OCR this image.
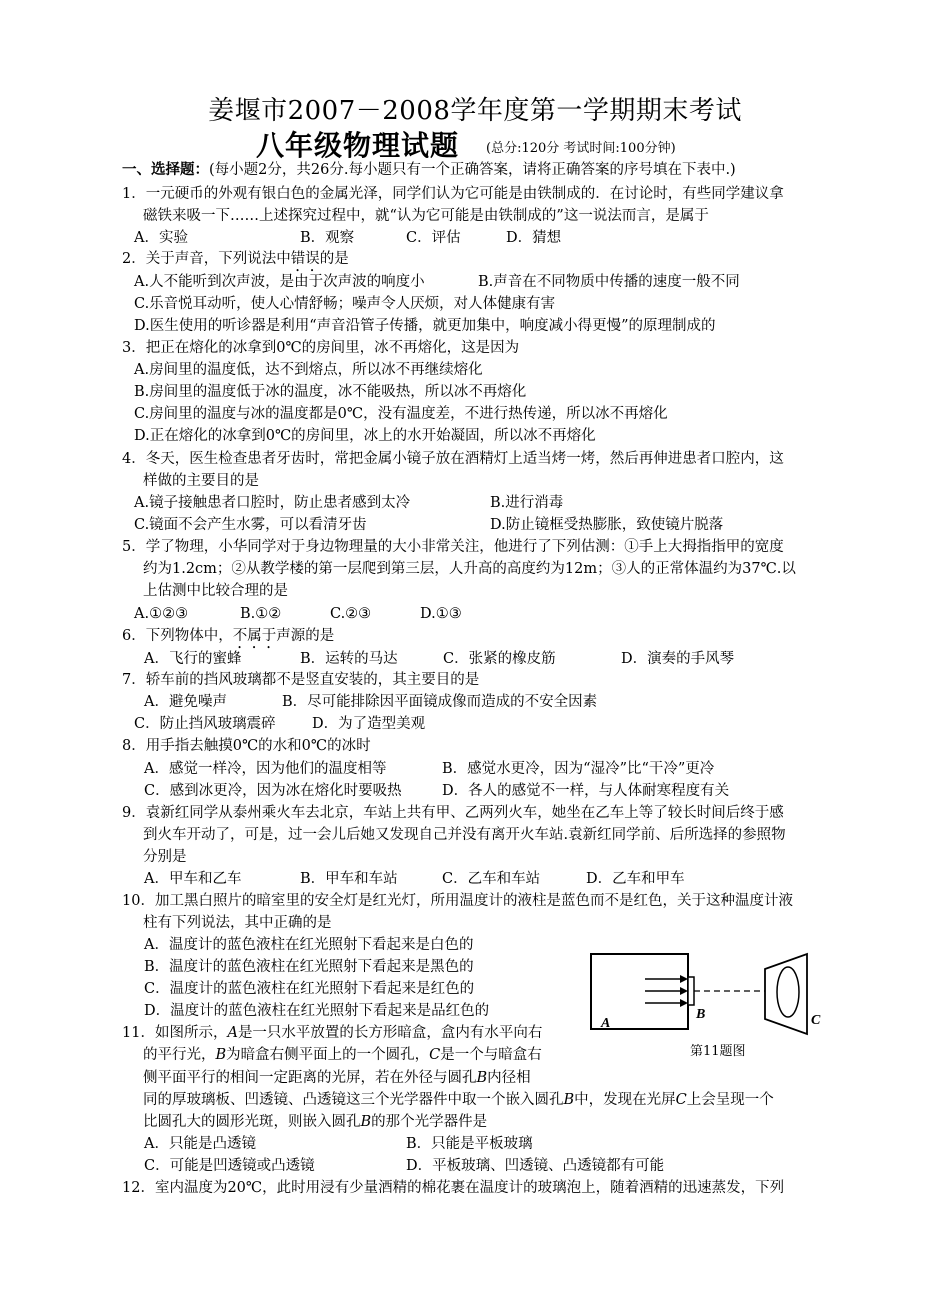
姜堰市2007－2008学年度第一学期期末考试
八年级物理试题 (总分:120分 考试时间:100分钟)
一、选择题：(每小题2分，共26分.每小题只有一个正确答案，请将正确答案的序号填在下表中.)
1．一元硬币的外观有银白色的金属光泽，同学们认为它可能是由铁制成的．在讨论时，有些同学建议拿
磁铁来吸一下……上述探究过程中，就“认为它可能是由铁制成的”这一说法而言，是属于
A．实验	B．观察	C．评估	D．猜想
2．关于声音，下列说法中错误的是
A.人不能听到次声波，是由于次声波的响度小	B.声音在不同物质中传播的速度一般不同
C.乐音悦耳动听，使人心情舒畅；噪声令人厌烦，对人体健康有害
D.医生使用的听诊器是利用“声音沿管子传播，就更加集中，响度减小得更慢”的原理制成的
3．把正在熔化的冰拿到0℃的房间里，冰不再熔化，这是因为
A.房间里的温度低，达不到熔点，所以冰不再继续熔化
B.房间里的温度低于冰的温度，冰不能吸热，所以冰不再熔化
C.房间里的温度与冰的温度都是0℃，没有温度差，不进行热传递，所以冰不再熔化
D.正在熔化的冰拿到0℃的房间里，冰上的水开始凝固，所以冰不再熔化
4．冬天，医生检查患者牙齿时，常把金属小镜子放在酒精灯上适当烤一烤，然后再伸进患者口腔内，这
样做的主要目的是
A.镜子接触患者口腔时，防止患者感到太冷	B.进行消毒
C.镜面不会产生水雾，可以看清牙齿	D.防止镜框受热膨胀，致使镜片脱落
5．学了物理，小华同学对于身边物理量的大小非常关注，他进行了下列估测：①手上大拇指指甲的宽度
约为1.2cm；②从教学楼的第一层爬到第三层，人升高的高度约为12m；③人的正常体温约为37℃.以
上估测中比较合理的是
A.①②③	B.①②	C.②③	D.①③
6．下列物体中，不属于声源的是
A．飞行的蜜蜂	B．运转的马达	C．张紧的橡皮筋	D．演奏的手风琴
7．轿车前的挡风玻璃都不是竖直安装的，其主要目的是
A．避免噪声	B．尽可能排除因平面镜成像而造成的不安全因素
C．防止挡风玻璃震碎	D．为了造型美观
8．用手指去触摸0℃的水和0℃的冰时
A．感觉一样冷，因为他们的温度相等	B．感觉水更冷，因为“湿冷”比“干冷”更冷
C．感到冰更冷，因为冰在熔化时要吸热	D．各人的感觉不一样，与人体耐寒程度有关
9．袁新红同学从泰州乘火车去北京，车站上共有甲、乙两列火车，她坐在乙车上等了较长时间后终于感
到火车开动了，可是，过一会儿后她又发现自己并没有离开火车站.袁新红同学前、后所选择的参照物
分别是
A．甲车和乙车	B．甲车和车站	C．乙车和车站	D．乙车和甲车
10．加工黑白照片的暗室里的安全灯是红光灯，所用温度计的液柱是蓝色而不是红色，关于这种温度计液
柱有下列说法，其中正确的是
A．温度计的蓝色液柱在红光照射下看起来是白色的
B．温度计的蓝色液柱在红光照射下看起来是黑色的
C．温度计的蓝色液柱在红光照射下看起来是红色的
D．温度计的蓝色液柱在红光照射下看起来是品红色的
A
B	C
第11题图
11．如图所示，A是一只水平放置的长方形暗盒，盒内有水平向右
的平行光，B为暗盒右侧平面上的一个圆孔，C是一个与暗盒右
侧平面平行的相间一定距离的光屏，若在外径与圆孔B内径相
同的厚玻璃板、凹透镜、凸透镜这三个光学器件中取一个嵌入圆孔B中，发现在光屏C上会呈现一个
比圆孔大的圆形光斑，则嵌入圆孔B的那个光学器件是
A．只能是凸透镜	B．只能是平板玻璃
C．可能是凹透镜或凸透镜	D．平板玻璃、凹透镜、凸透镜都有可能
12．室内温度为20℃，此时用浸有少量酒精的棉花裹在温度计的玻璃泡上，随着酒精的迅速蒸发，下列
